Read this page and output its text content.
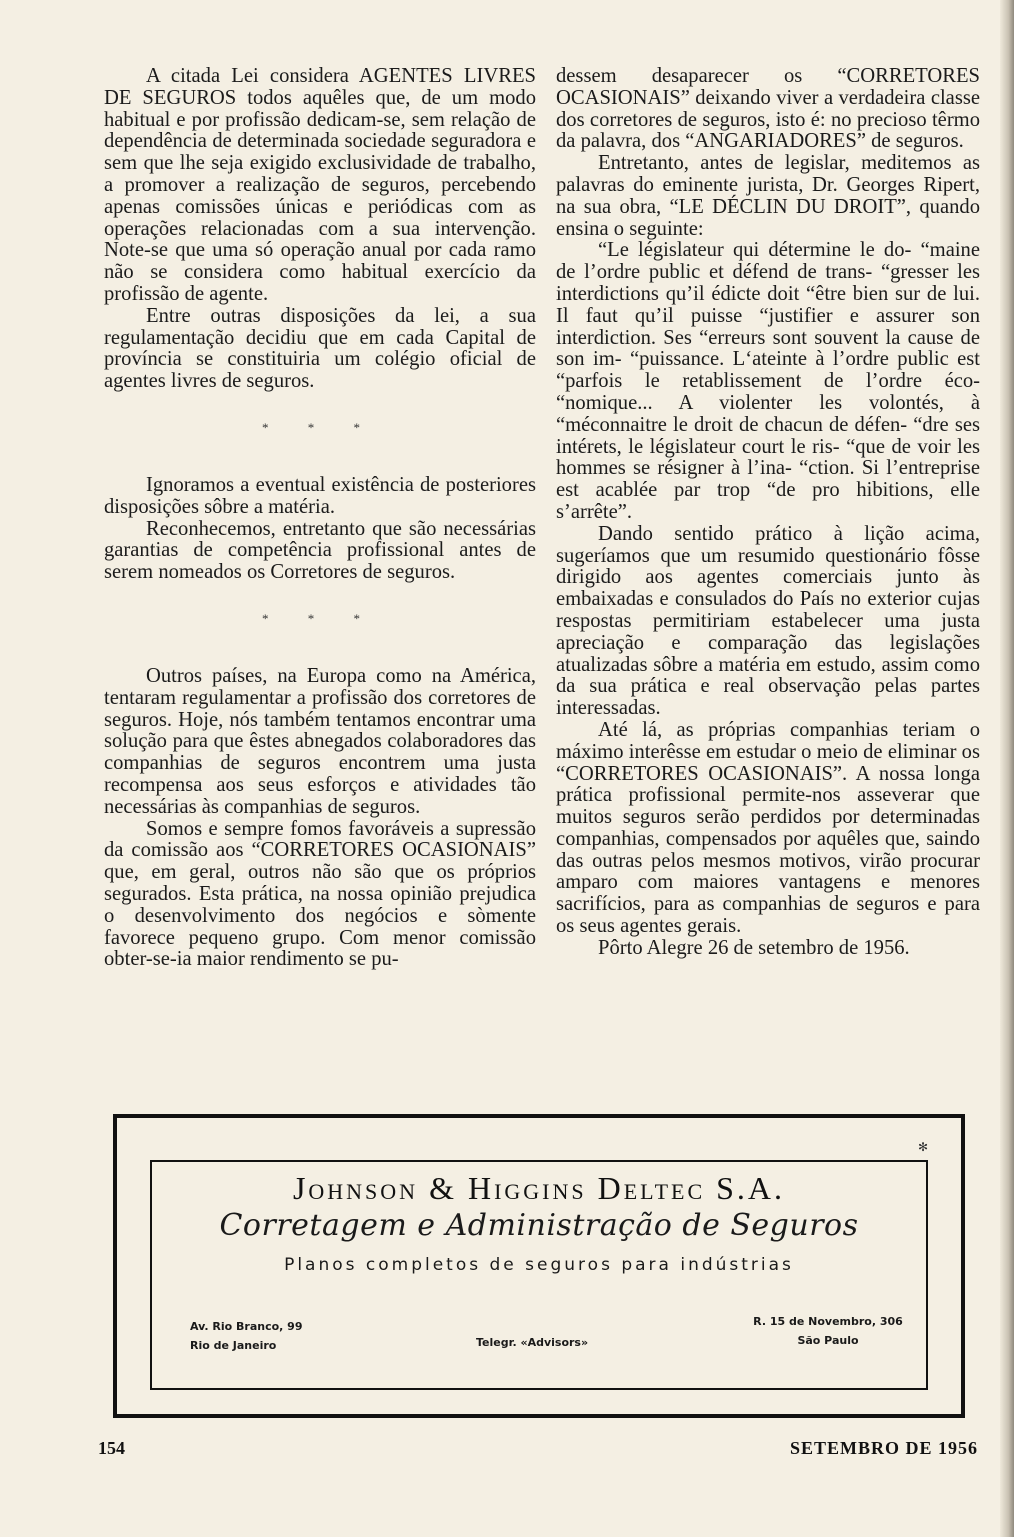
A citada Lei considera AGENTES LIVRES DE SEGUROS todos aquêles que, de um modo habitual e por profissão dedicam-se, sem relação de dependência de determinada sociedade seguradora e sem que lhe seja exigido exclusividade de trabalho, a promover a realização de seguros, percebendo apenas comissões únicas e periódicas com as operações relacionadas com a sua intervenção. Note-se que uma só operação anual por cada ramo não se considera como habitual exercício da profissão de agente.

Entre outras disposições da lei, a sua regulamentação decidiu que em cada Capital de província se constituiria um colégio oficial de agentes livres de seguros.

* * *

Ignoramos a eventual existência de posteriores disposições sôbre a matéria.

Reconhecemos, entretanto que são necessárias garantias de competência profissional antes de serem nomeados os Corretores de seguros.

* * *

Outros países, na Europa como na América, tentaram regulamentar a profissão dos corretores de seguros. Hoje, nós também tentamos encontrar uma solução para que êstes abnegados colaboradores das companhias de seguros encontrem uma justa recompensa aos seus esforços e atividades tão necessárias às companhias de seguros.

Somos e sempre fomos favoráveis a supressão da comissão aos “CORRETORES OCASIONAIS” que, em geral, outros não são que os próprios segurados. Esta prática, na nossa opinião prejudica o desenvolvimento dos negócios e sòmente favorece pequeno grupo. Com menor comissão obter-se-ia maior rendimento se pu-

dessem desaparecer os “CORRETORES OCASIONAIS” deixando viver a verdadeira classe dos corretores de seguros, isto é: no precioso têrmo da palavra, dos “ANGARIADORES” de seguros.

Entretanto, antes de legislar, meditemos as palavras do eminente jurista, Dr. Georges Ripert, na sua obra, “LE DÉCLIN DU DROIT”, quando ensina o seguinte:

“Le législateur qui détermine le do- “maine de l’ordre public et défend de trans- “gresser les interdictions qu’il édicte doit “être bien sur de lui. Il faut qu’il puisse “justifier e assurer son interdiction. Ses “erreurs sont souvent la cause de son im- “puissance. L‘ateinte à l’ordre public est “parfois le retablissement de l’ordre éco- “nomique... A violenter les volontés, à “méconnaitre le droit de chacun de défen- “dre ses intérets, le législateur court le ris- “que de voir les hommes se résigner à l’ina- “ction. Si l’entreprise est acablée par trop “de pro hibitions, elle s’arrête”.

Dando sentido prático à lição acima, sugeríamos que um resumido questionário fôsse dirigido aos agentes comerciais junto às embaixadas e consulados do País no exterior cujas respostas permitiriam estabelecer uma justa apreciação e comparação das legislações atualizadas sôbre a matéria em estudo, assim como da sua prática e real observação pelas partes interessadas.

Até lá, as próprias companhias teriam o máximo interêsse em estudar o meio de eliminar os “CORRETORES OCASIONAIS”. A nossa longa prática profissional permite-nos asseverar que muitos seguros serão perdidos por determinadas companhias, compensados por aquêles que, saindo das outras pelos mesmos motivos, virão procurar amparo com maiores vantagens e menores sacrifícios, para as companhias de seguros e para os seus agentes gerais.

Pôrto Alegre 26 de setembro de 1956.

✻
Johnson & Higgins Deltec S.A.
Corretagem e Administração de Seguros
Planos completos de seguros para indústrias
Av. Rio Branco, 99
Rio de Janeiro	Telegr. «Advisors»
R. 15 de Novembro, 306
São Paulo
154	SETEMBRO DE 1956
